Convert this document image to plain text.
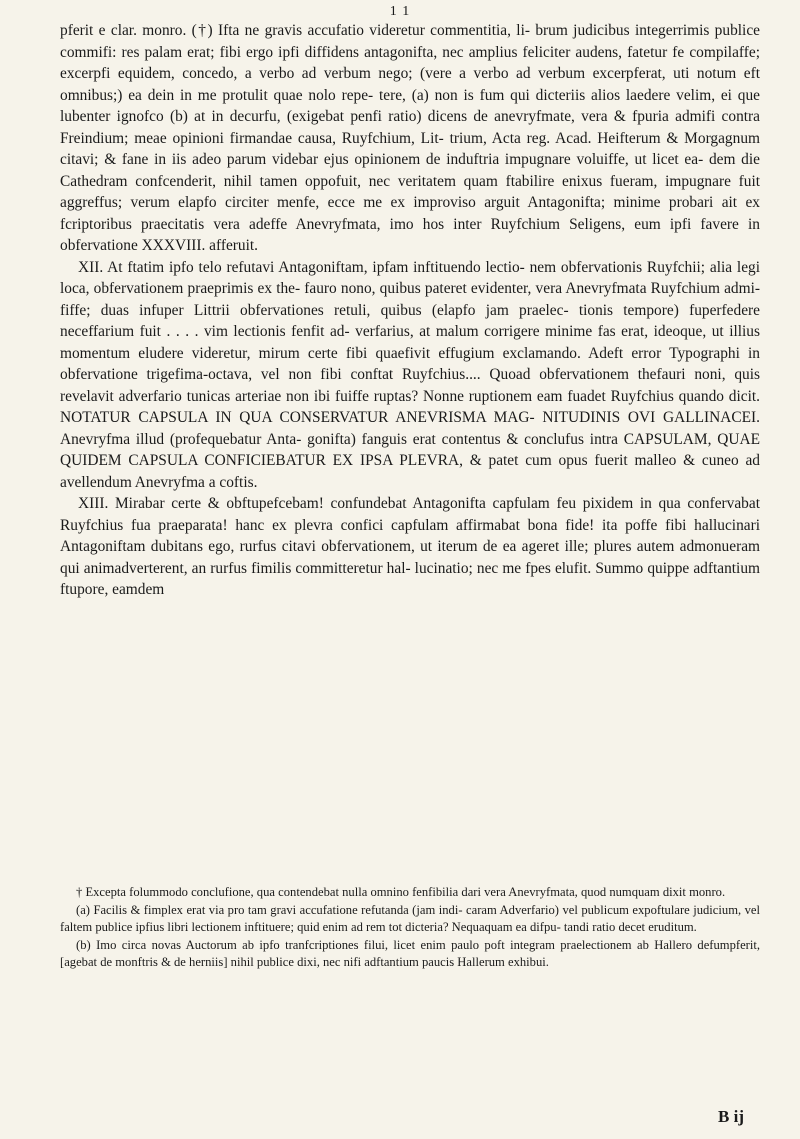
1 1

pferit e clar. monro. (†) Ifta ne gravis accufatio videretur commentitia, li- brum judicibus integerrimis publice commifi: res palam erat; fibi ergo ipfi diffidens antagonifta, nec amplius feliciter audens, fatetur fe compilaffe; excerpfi equidem, concedo, a verbo ad verbum nego; (vere a verbo ad verbum excerpferat, uti notum eft omnibus;) ea dein in me protulit quae nolo repe- tere, (a) non is fum qui dicteriis alios laedere velim, ei que lubenter ignofco (b) at in decurfu, (exigebat penfi ratio) dicens de anevryfmate, vera & fpuria admifi contra Freindium; meae opinioni firmandae causa, Ruyfchium, Lit- trium, Acta reg. Acad. Heifterum & Morgagnum citavi; & fane in iis adeo parum videbar ejus opinionem de induftria impugnare voluiffe, ut licet ea- dem die Cathedram confcenderit, nihil tamen oppofuit, nec veritatem quam ftabilire enixus fueram, impugnare fuit aggreffus; verum elapfo circiter menfe, ecce me ex improviso arguit Antagonifta; minime probari ait ex fcriptoribus praecitatis vera adeffe Anevryfmata, imo hos inter Ruyfchium Seligens, eum ipfi favere in obfervatione XXXVIII. afferuit.

XII. At ftatim ipfo telo refutavi Antagoniftam, ipfam inftituendo lectio- nem obfervationis Ruyfchii; alia legi loca, obfervationem praeprimis ex the- fauro nono, quibus pateret evidenter, vera Anevryfmata Ruyfchium admi- fiffe; duas infuper Littrii obfervationes retuli, quibus (elapfo jam praelec- tionis tempore) fuperfedere neceffarium fuit . . . . vim lectionis fenfit ad- verfarius, at malum corrigere minime fas erat, ideoque, ut illius momentum eludere videretur, mirum certe fibi quaefivit effugium exclamando. Adeft error Typographi in obfervatione trigefima-octava, vel non fibi conftat Ruyfchius.... Quoad obfervationem thefauri noni, quis revelavit adverfario tunicas arteriae non ibi fuiffe ruptas? Nonne ruptionem eam fuadet Ruyfchius quando dicit. NOTATUR CAPSULA IN QUA CONSERVATUR ANEVRISMA MAG- NITUDINIS OVI GALLINACEI. Anevryfma illud (profequebatur Anta- gonifta) fanguis erat contentus & conclufus intra CAPSULAM, QUAE QUIDEM CAPSULA CONFICIEBATUR EX IPSA PLEVRA, & patet cum opus fuerit malleo & cuneo ad avellendum Anevryfma a coftis.

XIII. Mirabar certe & obftupefcebam! confundebat Antagonifta capfulam feu pixidem in qua confervabat Ruyfchius fua praeparata! hanc ex plevra confici capfulam affirmabat bona fide! ita poffe fibi hallucinari Antagoniftam dubitans ego, rurfus citavi obfervationem, ut iterum de ea ageret ille; plures autem admonueram qui animadverterent, an rurfus fimilis committeretur hal- lucinatio; nec me fpes elufit. Summo quippe adftantium ftupore, eamdem

† Excepta folummodo conclufione, qua contendebat nulla omnino fenfibilia dari vera Anevryfmata, quod numquam dixit monro.

(a) Facilis & fimplex erat via pro tam gravi accufatione refutanda (jam indi- caram Adverfario) vel publicum expoftulare judicium, vel faltem publice ipfius libri lectionem inftituere; quid enim ad rem tot dicteria? Nequaquam ea difpu- tandi ratio decet eruditum.

(b) Imo circa novas Auctorum ab ipfo tranfcriptiones filui, licet enim paulo poft integram praelectionem ab Hallero defumpferit, [agebat de monftris & de herniis] nihil publice dixi, nec nifi adftantium paucis Hallerum exhibui.

B ij
